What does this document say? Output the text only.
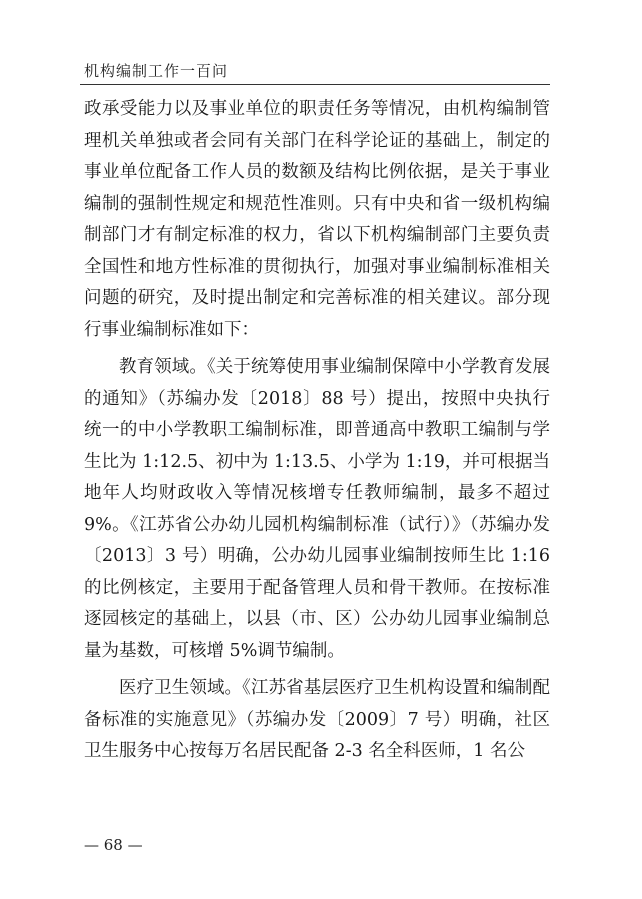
机构编制工作一百问

政承受能力以及事业单位的职责任务等情况，由机构编制管理机关单独或者会同有关部门在科学论证的基础上，制定的事业单位配备工作人员的数额及结构比例依据，是关于事业编制的强制性规定和规范性准则。只有中央和省一级机构编制部门才有制定标准的权力，省以下机构编制部门主要负责全国性和地方性标准的贯彻执行，加强对事业编制标准相关问题的研究，及时提出制定和完善标准的相关建议。部分现行事业编制标准如下：

教育领域。《关于统筹使用事业编制保障中小学教育发展的通知》（苏编办发〔2018〕88 号）提出，按照中央执行统一的中小学教职工编制标准，即普通高中教职工编制与学生比为 1:12.5、初中为 1:13.5、小学为 1:19，并可根据当地年人均财政收入等情况核增专任教师编制，最多不超过 9%。《江苏省公办幼儿园机构编制标准（试行）》（苏编办发〔2013〕3 号）明确，公办幼儿园事业编制按师生比 1:16 的比例核定，主要用于配备管理人员和骨干教师。在按标准逐园核定的基础上，以县（市、区）公办幼儿园事业编制总量为基数，可核增 5%调节编制。

医疗卫生领域。《江苏省基层医疗卫生机构设置和编制配备标准的实施意见》（苏编办发〔2009〕7 号）明确，社区卫生服务中心按每万名居民配备 2-3 名全科医师，1 名公

— 68 —
